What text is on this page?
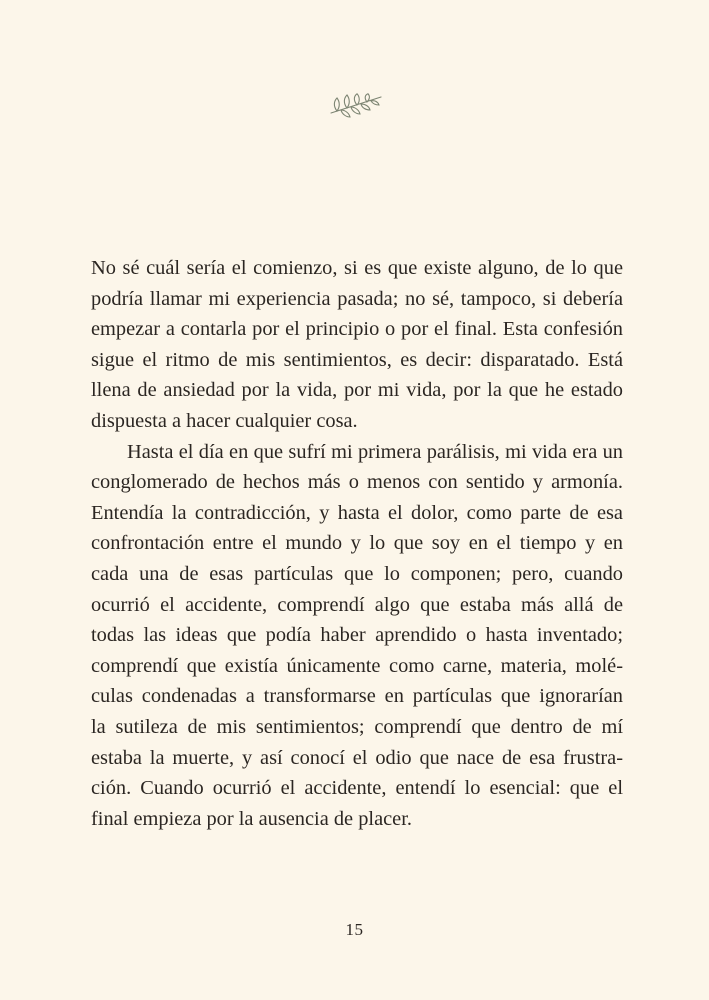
No sé cuál sería el comienzo, si es que existe alguno, de lo que
podría llamar mi experiencia pasada; no sé, tampoco, si debería
empezar a contarla por el principio o por el final. Esta confesión
sigue el ritmo de mis sentimientos, es decir: disparatado. Está
llena de ansiedad por la vida, por mi vida, por la que he estado
dispuesta a hacer cualquier cosa.
Hasta el día en que sufrí mi primera parálisis, mi vida era un
conglomerado de hechos más o menos con sentido y armonía.
Entendía la contradicción, y hasta el dolor, como parte de esa
confrontación entre el mundo y lo que soy en el tiempo y en
cada una de esas partículas que lo componen; pero, cuando
ocurrió el accidente, comprendí algo que estaba más allá de
todas las ideas que podía haber aprendido o hasta inventado;
comprendí que existía únicamente como carne, materia, molé-
culas condenadas a transformarse en partículas que ignorarían
la sutileza de mis sentimientos; comprendí que dentro de mí
estaba la muerte, y así conocí el odio que nace de esa frustra-
ción. Cuando ocurrió el accidente, entendí lo esencial: que el
final empieza por la ausencia de placer.
15
